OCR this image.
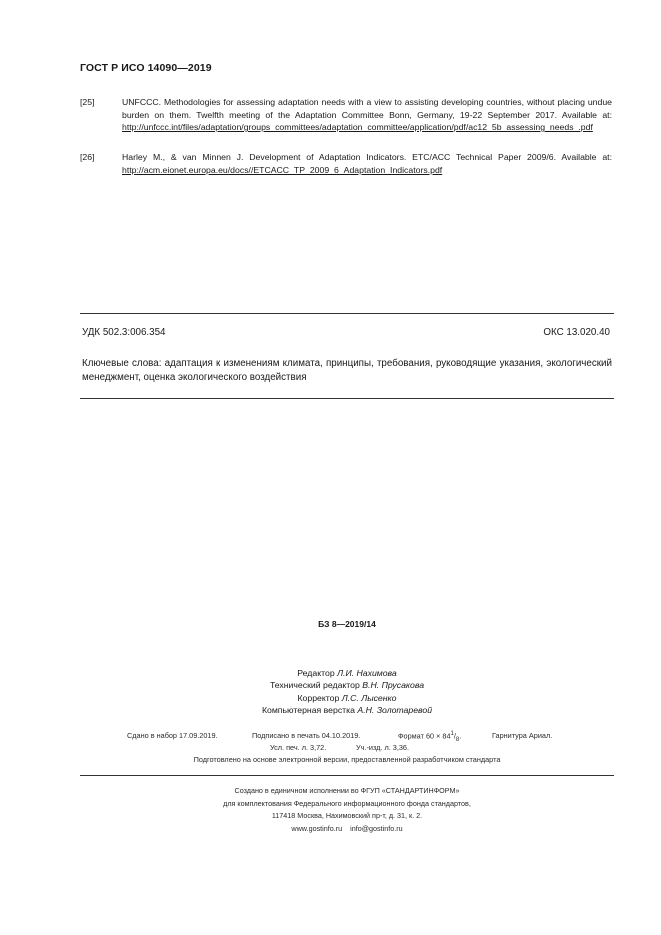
ГОСТ Р ИСО 14090—2019
[25]	UNFCCC. Methodologies for assessing adaptation needs with a view to assisting developing countries, without placing undue burden on them. Twelfth meeting of the Adaptation Committee Bonn, Germany, 19-22 September 2017. Available at: http://unfccc.int/files/adaptation/groups_committees/adaptation_committee/application/pdf/ac12_5b_assessing_needs_.pdf
[26]	Harley M., & van Minnen J. Development of Adaptation Indicators. ETC/ACC Technical Paper 2009/6. Available at: http://acm.eionet.europa.eu/docs//ETCACC_TP_2009_6_Adaptation_Indicators.pdf
УДК 502.3:006.354	ОКС 13.020.40
Ключевые слова: адаптация к изменениям климата, принципы, требования, руководящие указания, экологический менеджмент, оценка экологического воздействия
БЗ 8—2019/14
Редактор Л.И. Нахимова
Технический редактор В.Н. Прусакова
Корректор Л.С. Лысенко
Компьютерная верстка А.Н. Золотаревой
Сдано в набор 17.09.2019.	Подписано в печать 04.10.2019.	Формат $60 \times 84^1/_8$.	Гарнитура Ариал.
Усл. печ. л. 3,72.	Уч.-изд. л. 3,36.
Подготовлено на основе электронной версии, предоставленной разработчиком стандарта
Создано в единичном исполнении во ФГУП «СТАНДАРТИНФОРМ»
для комплектования Федерального информационного фонда стандартов,
117418 Москва, Нахимовский пр-т, д. 31, к. 2.
www.gostinfo.ru info@gostinfo.ru
